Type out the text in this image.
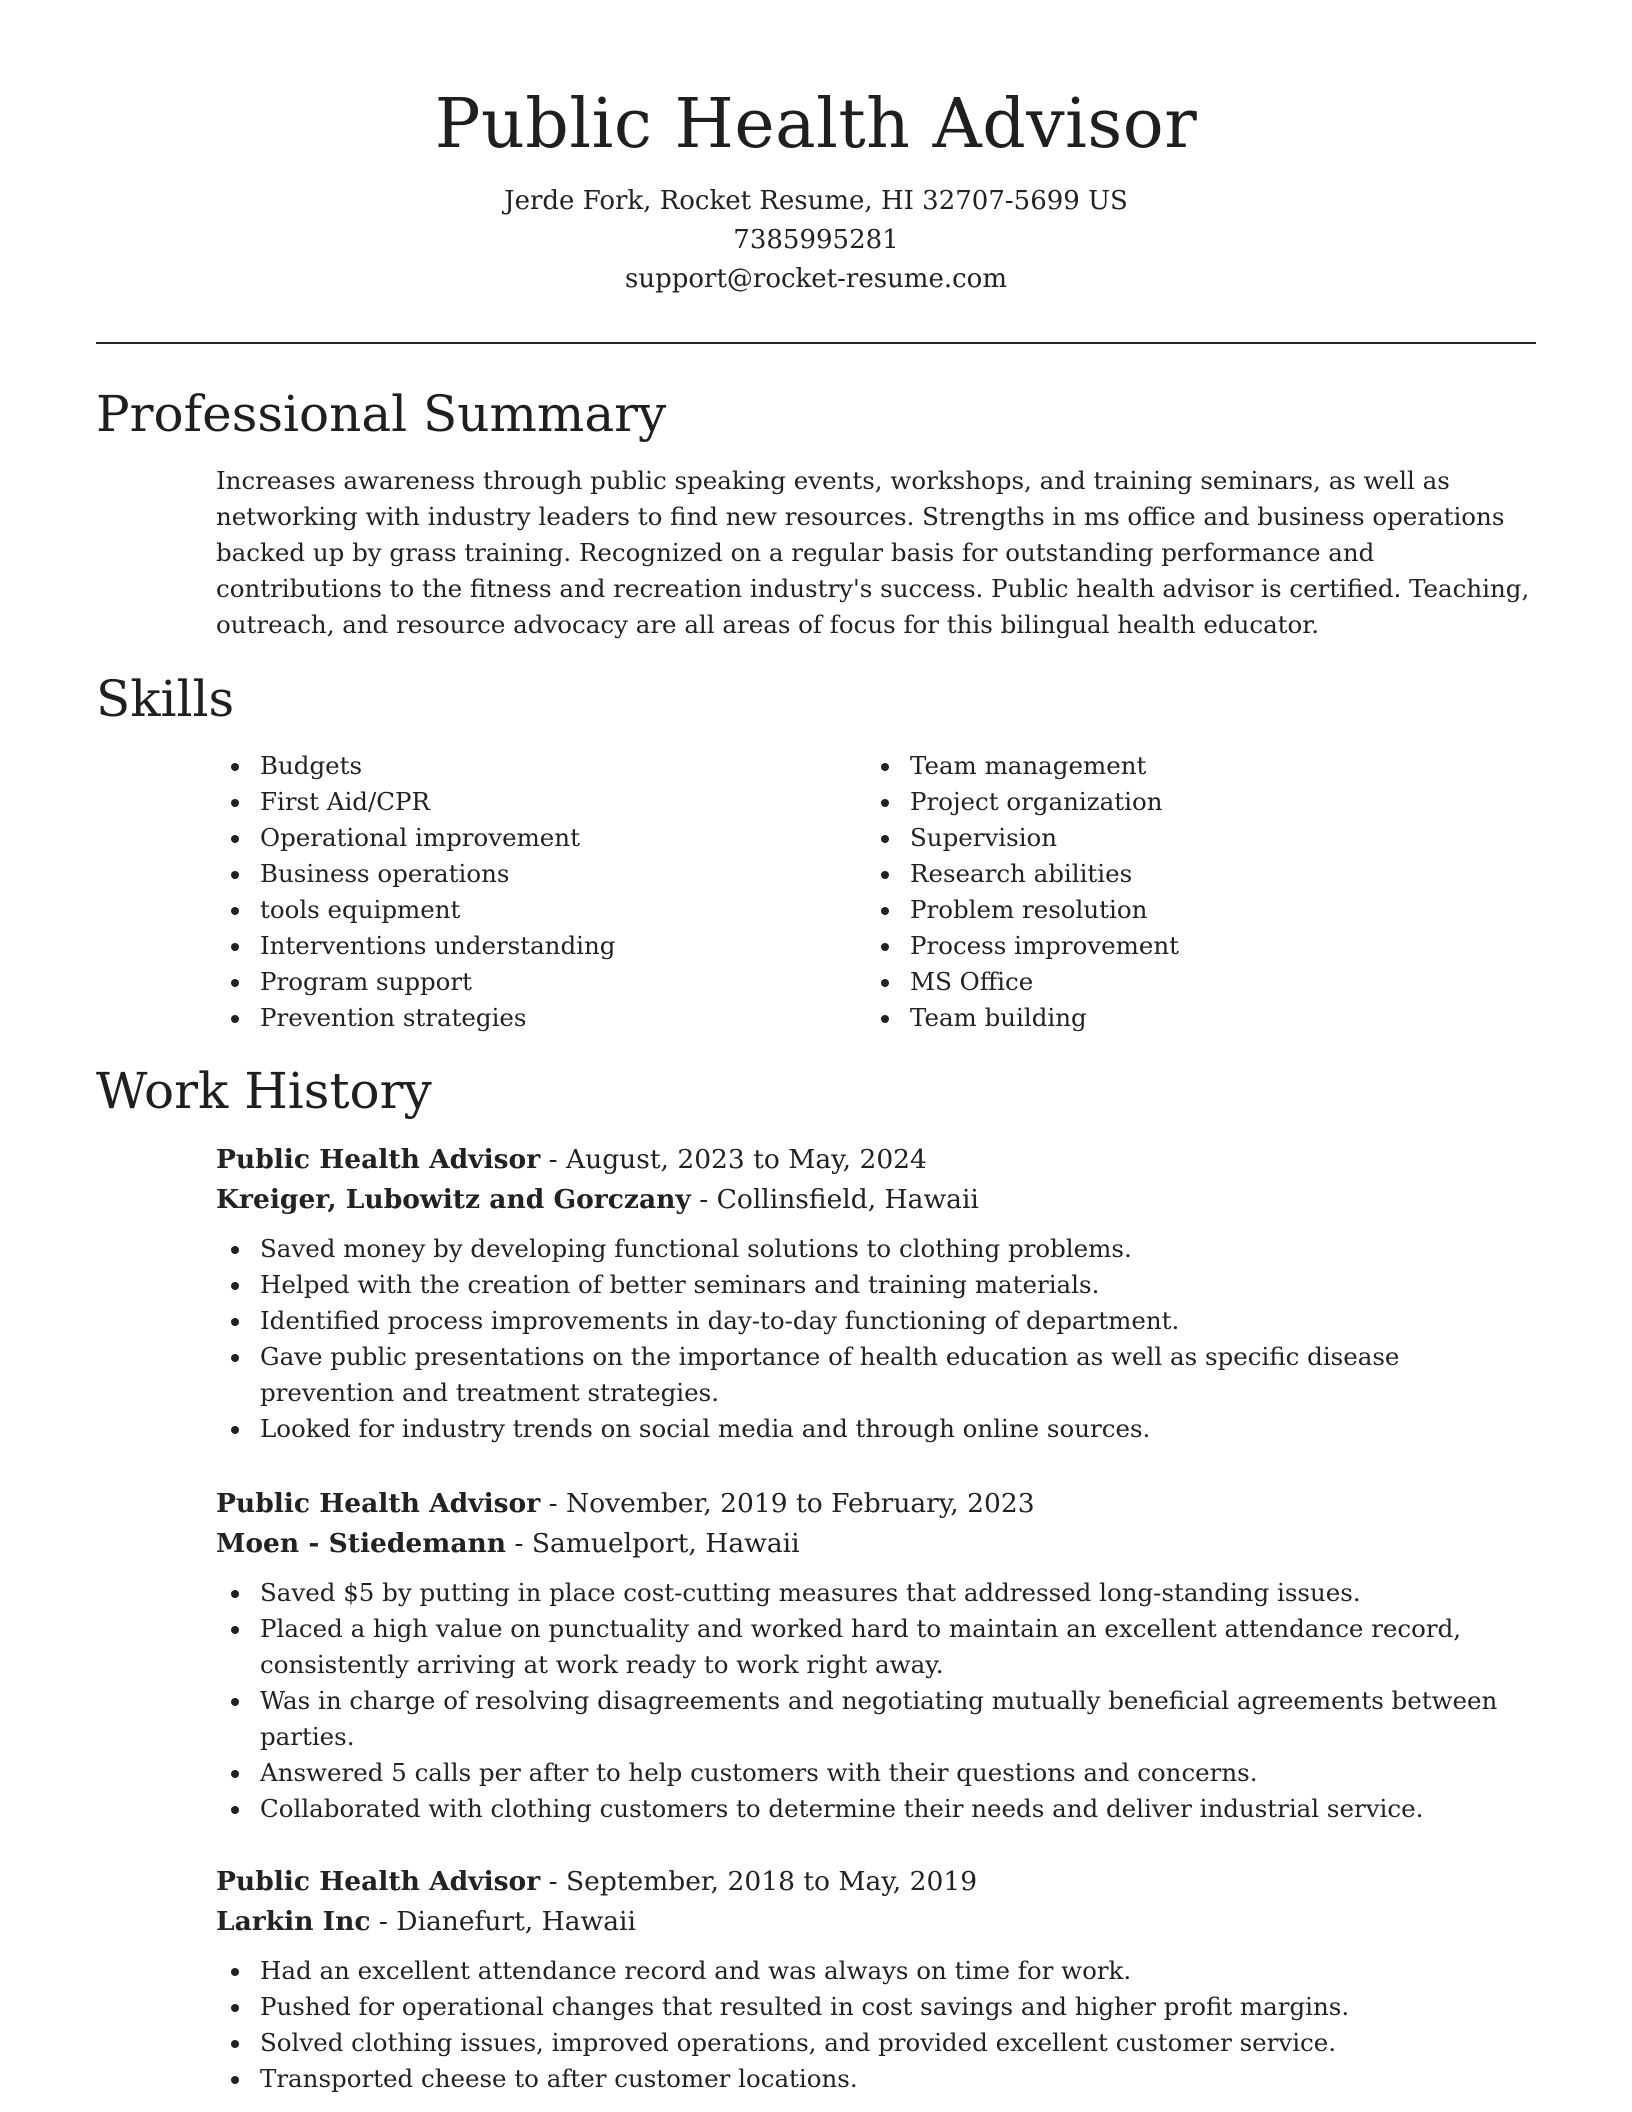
Public Health Advisor
Jerde Fork, Rocket Resume, HI 32707-5699 US
7385995281
support@rocket-resume.com
Professional Summary

Increases awareness through public speaking events, workshops, and training seminars, as well as networking with industry leaders to find new resources. Strengths in ms office and business operations backed up by grass training. Recognized on a regular basis for outstanding performance and contributions to the fitness and recreation industry's success. Public health advisor is certified. Teaching, outreach, and resource advocacy are all areas of focus for this bilingual health educator.

Skills
Budgets
First Aid/CPR
Operational improvement
Business operations
tools equipment
Interventions understanding
Program support
Prevention strategies
Team management
Project organization
Supervision
Research abilities
Problem resolution
Process improvement
MS Office
Team building
Work History
Public Health Advisor - August, 2023 to May, 2024
Kreiger, Lubowitz and Gorczany - Collinsfield, Hawaii
Saved money by developing functional solutions to clothing problems.
Helped with the creation of better seminars and training materials.
Identified process improvements in day-to-day functioning of department.
Gave public presentations on the importance of health education as well as specific disease prevention and treatment strategies.
Looked for industry trends on social media and through online sources.
Public Health Advisor - November, 2019 to February, 2023
Moen - Stiedemann - Samuelport, Hawaii
Saved $5 by putting in place cost-cutting measures that addressed long-standing issues.
Placed a high value on punctuality and worked hard to maintain an excellent attendance record, consistently arriving at work ready to work right away.
Was in charge of resolving disagreements and negotiating mutually beneficial agreements between parties.
Answered 5 calls per after to help customers with their questions and concerns.
Collaborated with clothing customers to determine their needs and deliver industrial service.
Public Health Advisor - September, 2018 to May, 2019
Larkin Inc - Dianefurt, Hawaii
Had an excellent attendance record and was always on time for work.
Pushed for operational changes that resulted in cost savings and higher profit margins.
Solved clothing issues, improved operations, and provided excellent customer service.
Transported cheese to after customer locations.
